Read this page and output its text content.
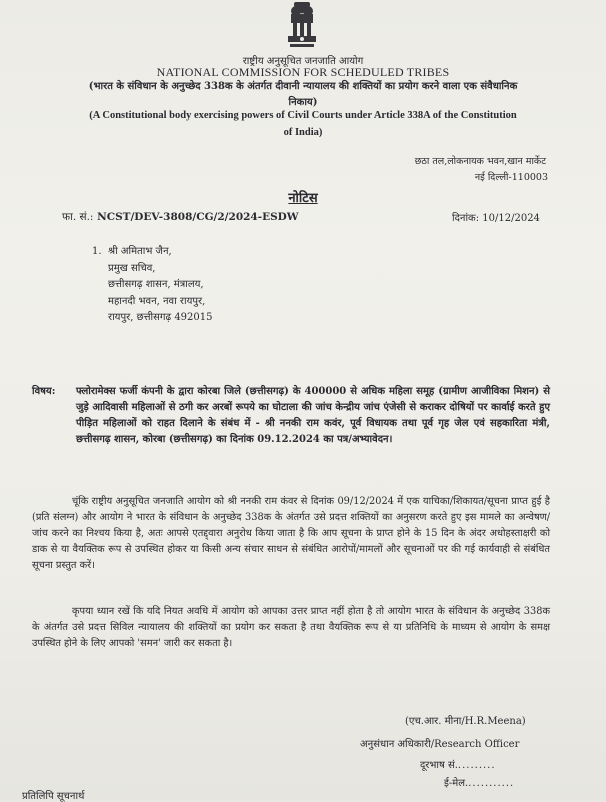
राष्ट्रीय अनुसूचित जनजाति आयोग
NATIONAL COMMISSION FOR SCHEDULED TRIBES
(भारत के संविधान के अनुच्छेद 338क के अंतर्गत दीवानी न्यायालय की शक्तियों का प्रयोग करने वाला एक संवैधानिक
निकाय)
(A Constitutional body exercising powers of Civil Courts under Article 338A of the Constitution
of India)
छठा तल,लोकनायक भवन,खान मार्केट
नई दिल्ली-110003
नोटिस
फा. सं.: NCST/DEV-3808/CG/2/2024-ESDW	दिनांक: 10/12/2024
1. श्री अमिताभ जैन,
प्रमुख सचिव,
छत्तीसगढ़ शासन, मंत्रालय,
महानदी भवन, नवा रायपुर,
रायपुर, छत्तीसगढ़ 492015
विषय: फ्लोरामेक्स फर्जी कंपनी के द्वारा कोरबा जिले (छत्तीसगढ़) के 400000 से अधिक महिला समूह (ग्रामीण आजीविका मिशन) से जुड़े आदिवासी महिलाओं से ठगी कर अरबों रूपये का घोटाला की जांच केन्द्रीय जांच एंजेसी से कराकर दोषियों पर कार्वाई करते हुए पीड़ित महिलाओं को राहत दिलाने के संबंध में - श्री ननकी राम कवंर, पूर्व विधायक तथा पूर्व गृह जेल एवं सहकारिता मंत्री, छत्तीसगढ़ शासन, कोरबा (छत्तीसगढ़) का दिनांक 09.12.2024 का पत्र/अभ्यावेदन।
चूंकि राष्ट्रीय अनुसूचित जनजाति आयोग को श्री ननकी राम कंवर से दिनांक 09/12/2024 में एक याचिका/शिकायत/सूचना प्राप्त हुई है (प्रति संलग्न) और आयोग ने भारत के संविधान के अनुच्छेद 338क के अंतर्गत उसे प्रदत्त शक्तियों का अनुसरण करते हुए इस मामले का अन्वेषण/जांच करने का निश्चय किया है, अतः आपसे एतद्द्वारा अनुरोध किया जाता है कि आप सूचना के प्राप्त होने के 15 दिन के अंदर अधोहस्ताक्षरी को डाक से या वैयक्तिक रूप से उपस्थित होकर या किसी अन्य संचार साधन से संबंधित आरोपों/मामलों और सूचनाओं पर की गई कार्यवाही से संबंधित सूचना प्रस्तुत करें।
कृपया ध्यान रखें कि यदि नियत अवधि में आयोग को आपका उत्तर प्राप्त नहीं होता है तो आयोग भारत के संविधान के अनुच्छेद 338क के अंतर्गत उसे प्रदत्त सिविल न्यायालय की शक्तियों का प्रयोग कर सकता है तथा वैयक्तिक रूप से या प्रतिनिधि के माध्यम से आयोग के समक्ष उपस्थित होने के लिए आपको 'समन' जारी कर सकता है।
(एच.आर. मीना/H.R.Meena)
अनुसंधान अधिकारी/Research Officer
दूरभाष सं..........
ई-मेल............
प्रतिलिपि सूचनार्थ
